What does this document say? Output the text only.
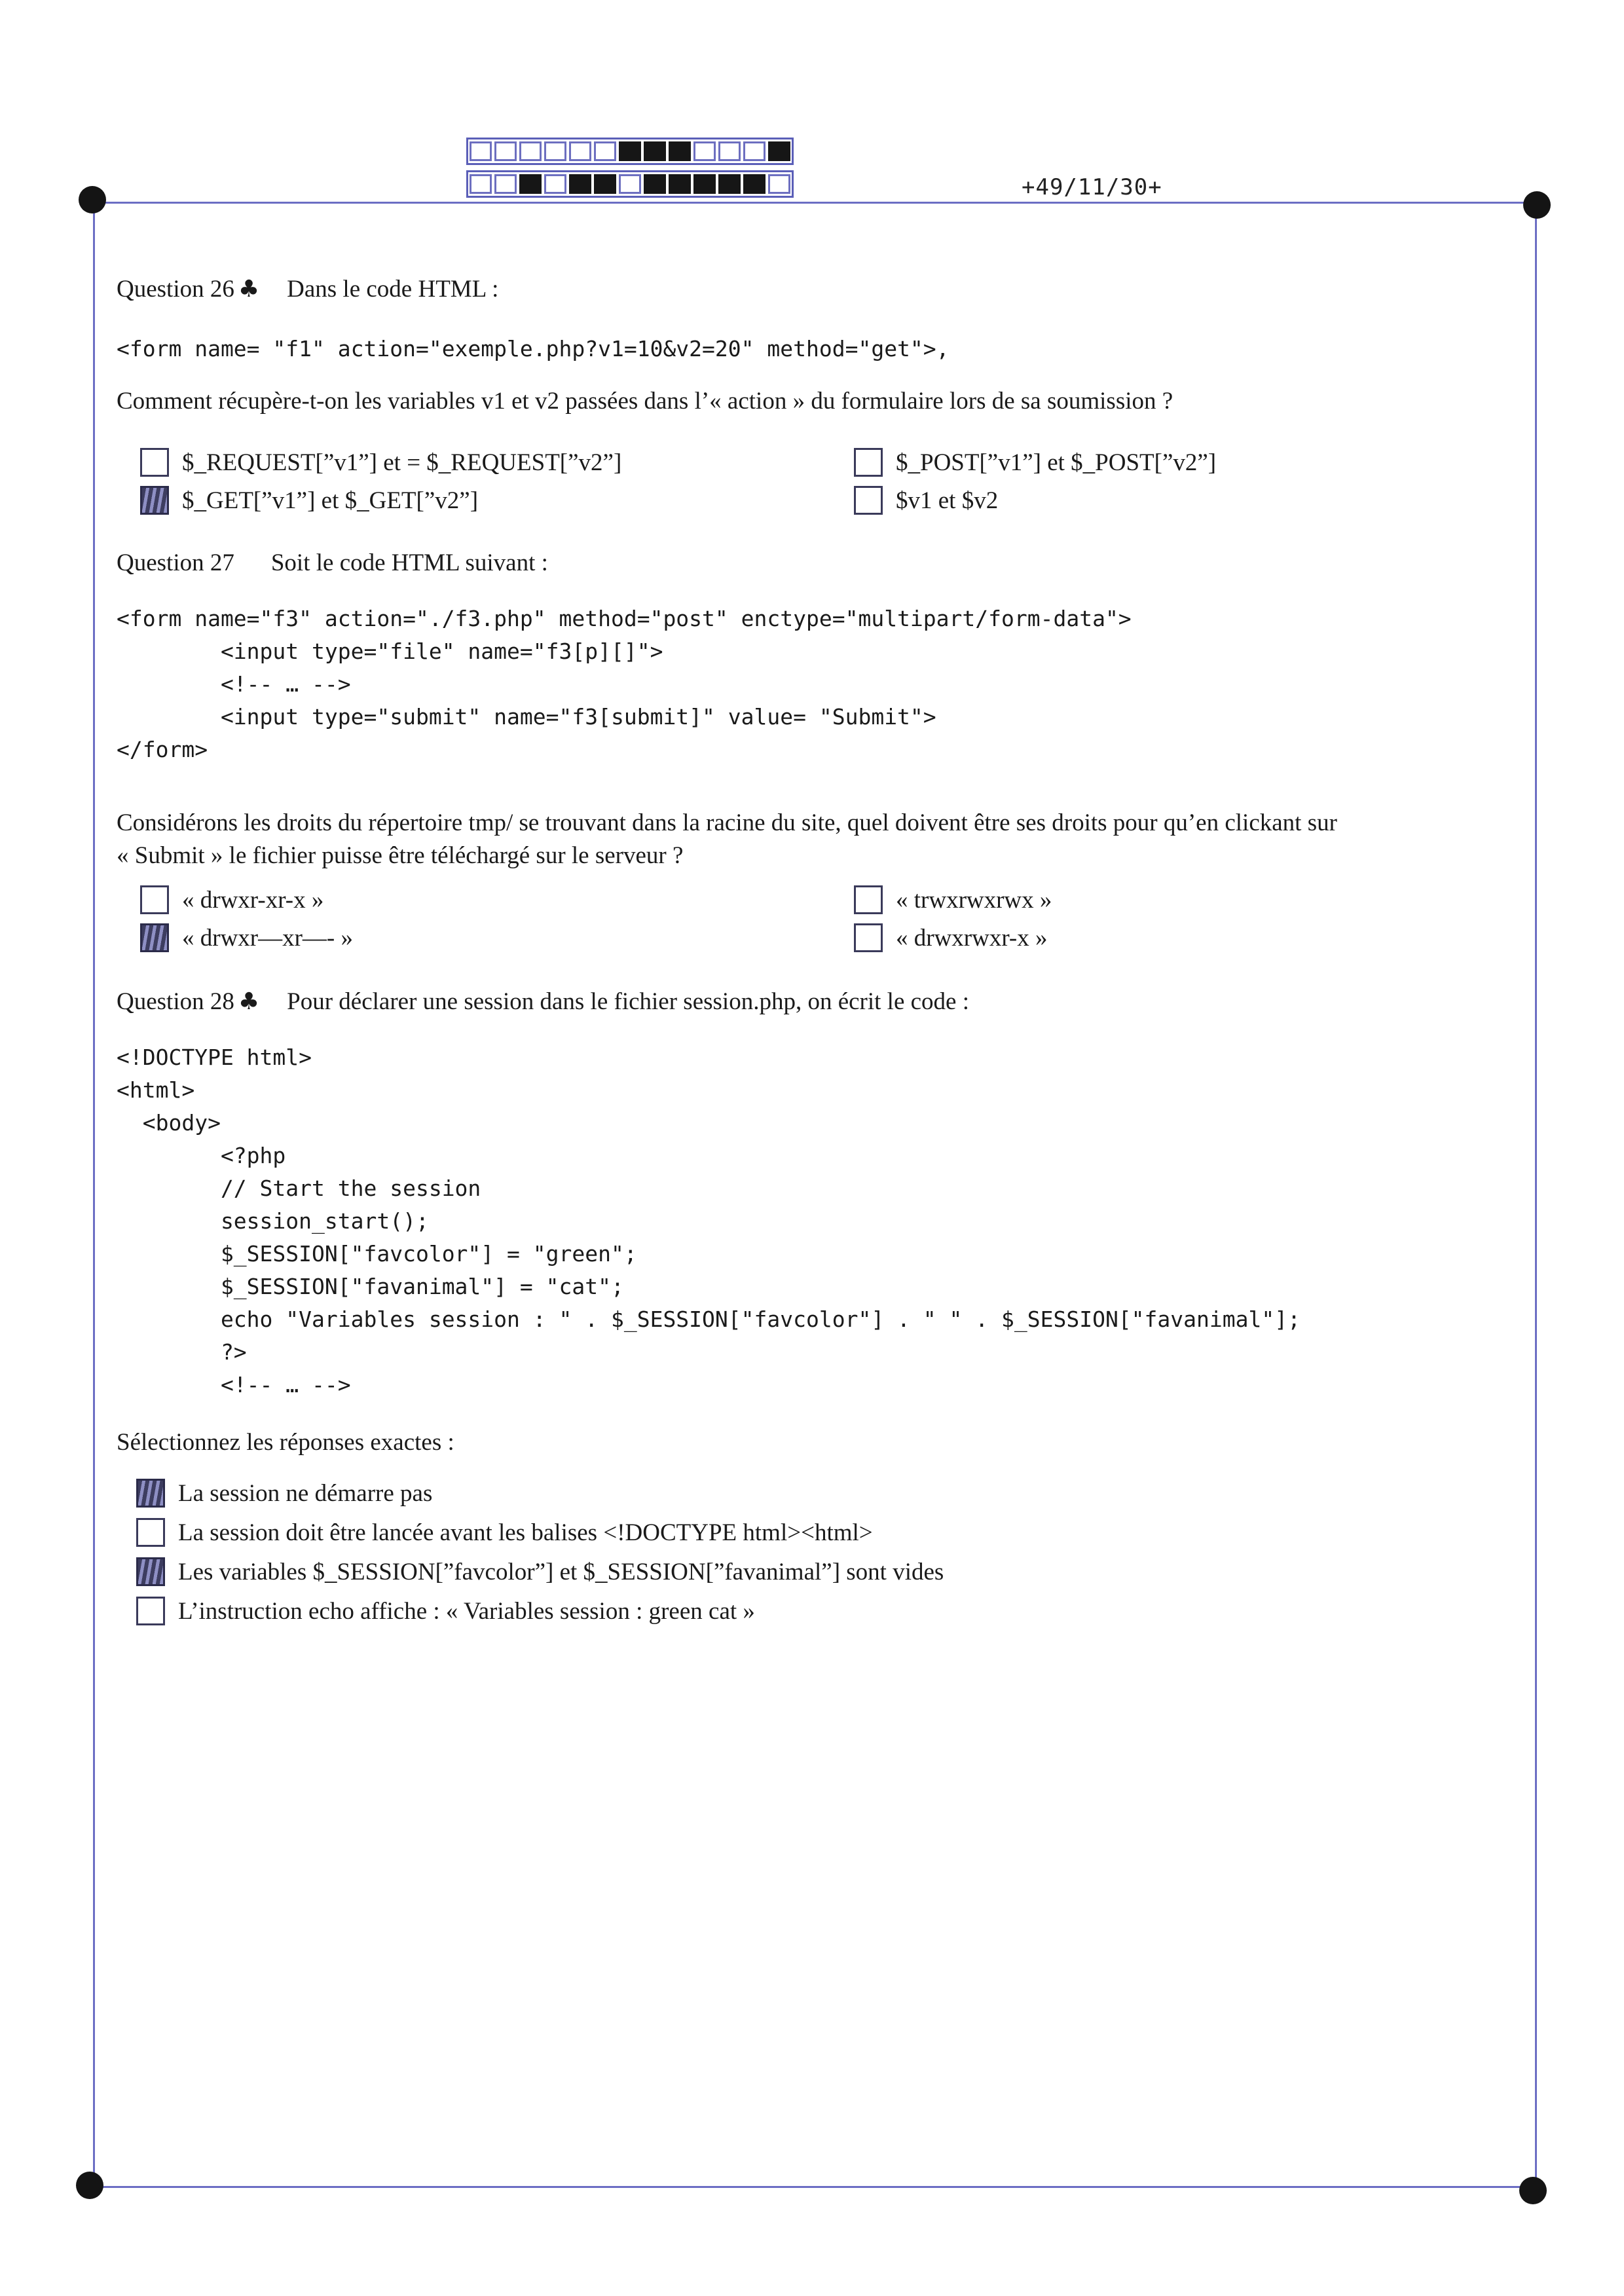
+49/11/30+

Question 26 ♣ Dans le code HTML :

<form name= "f1" action="exemple.php?v1=10&v2=20" method="get">,

Comment récupère-t-on les variables v1 et v2 passées dans l’« action » du formulaire lors de sa soumission ?

$_REQUEST[”v1”] et = $_REQUEST[”v2”]	$_POST[”v1”] et $_POST[”v2”]
$_GET[”v1”] et $_GET[”v2”]	$v1 et $v2

Question 27 Soit le code HTML suivant :

<form name="f3" action="./f3.php" method="post" enctype="multipart/form-data">

<input type="file" name="f3[p][]">

<!-- … -->

<input type="submit" name="f3[submit]" value= "Submit">

</form>

Considérons les droits du répertoire tmp/ se trouvant dans la racine du site, quel doivent être ses droits pour qu’en clickant sur

« Submit » le fichier puisse être téléchargé sur le serveur ?

« drwxr-xr-x »	« trwxrwxrwx »
« drwxr—xr—- »	« drwxrwxr-x »

Question 28 ♣ Pour déclarer une session dans le fichier session.php, on écrit le code :

<!DOCTYPE html>

<html>

<body>

<?php

// Start the session

session_start();

$_SESSION["favcolor"] = "green";

$_SESSION["favanimal"] = "cat";

echo "Variables session : " . $_SESSION["favcolor"] . " " . $_SESSION["favanimal"];

?>

<!-- … -->

Sélectionnez les réponses exactes :

La session ne démarre pas
La session doit être lancée avant les balises <!DOCTYPE html><html>
Les variables $_SESSION[”favcolor”] et $_SESSION[”favanimal”] sont vides
L’instruction echo affiche : « Variables session : green cat »
